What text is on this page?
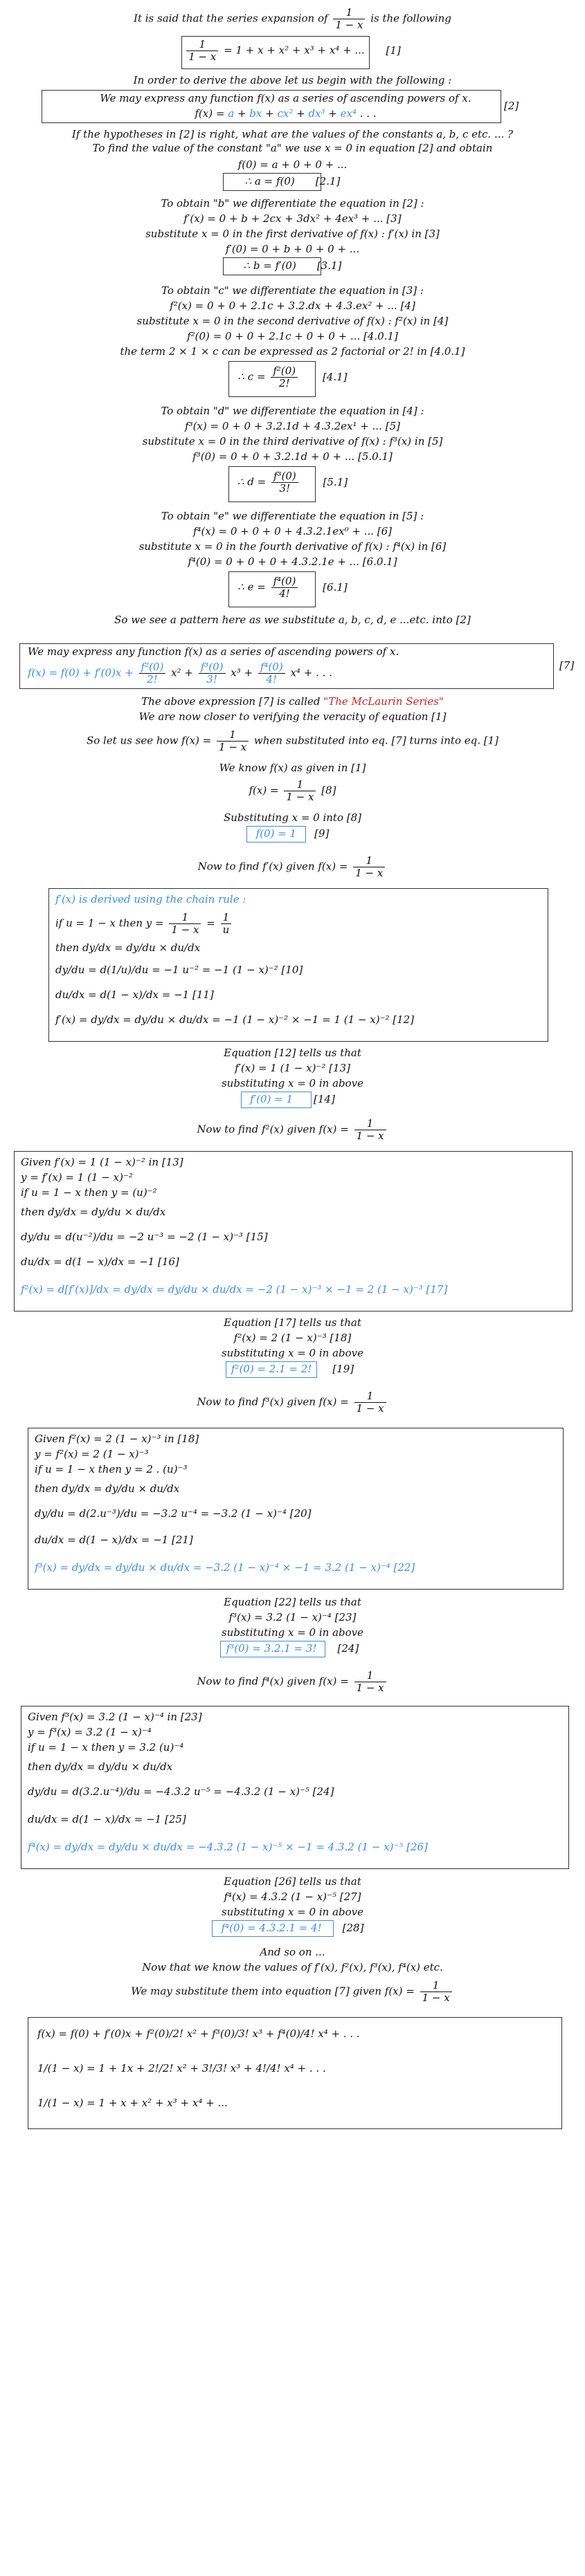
It is said that the series expansion of $\frac{1}{1 - x}$ is the following
$\frac{1}{1 - x} = 1 + x + x^2 + x^3 + x^4$ + ... [1]
In order to derive the above let us begin with the following :
We may express any function f(x) as a series of ascending powers of x.
f(x) = a + bx + cx² + dx³ + ex⁴ . . .
[2]
If the hypotheses in [2] is right, what are the values of the constants a, b, c etc. ... ?
To find the value of the constant "a" we use x = 0 in equation [2] and obtain
f(0) = a + 0 + 0 + ...
∴ a = f(0) [2.1]
To obtain "b" we differentiate the equation in [2] :
f′(x) = 0 + b + 2cx + 3dx² + 4ex³ + ... [3]
substitute x = 0 in the first derivative of f(x) : f′(x) in [3]
f′(0) = 0 + b + 0 + 0 + ...
∴ b = f′(0) [3.1]
To obtain "c" we differentiate the equation in [3] :
f²(x) = 0 + 0 + 2.1c + 3.2.dx + 4.3.ex² + ... [4]
substitute x = 0 in the second derivative of f(x) : f²(x) in [4]
f²(0) = 0 + 0 + 2.1c + 0 + 0 + ... [4.0.1]
the term 2 × 1 × c can be expressed as 2 factorial or 2! in [4.0.1]
∴ $c = \frac{\text{f²(0)}}{2!} [4.1]$
To obtain "d" we differentiate the equation in [4] :
f³(x) = 0 + 0 + 3.2.1d + 4.3.2ex¹ + ... [5]
substitute x = 0 in the third derivative of f(x) : f³(x) in [5]
f³(0) = 0 + 0 + 3.2.1d + 0 + ... [5.0.1]
∴ $d = \frac{\text{f³(0)}}{3!} [5.1]$
To obtain "e" we differentiate the equation in [5] :
f⁴(x) = 0 + 0 + 0 + 4.3.2.1ex⁰ + ... [6]
substitute x = 0 in the fourth derivative of f(x) : f⁴(x) in [6]
f⁴(0) = 0 + 0 + 0 + 4.3.2.1e + ... [6.0.1]
∴ $e = \frac{\text{f⁴(0)}}{4!} [6.1]$
So we see a pattern here as we substitute a, b, c, d, e ...etc. into [2]
We may express any function f(x) as a series of ascending powers of x.
$f(x) = f(0) + f'(0)x + \frac{\text{f²(0)}}{2!} x^2 + \frac{\text{f³(0)}}{3!} x^3 + \frac{\text{f⁴(0)}}{4!} x^4$ + . . .
[7]
The above expression [7] is called "The McLaurin Series"
We are now closer to verifying the veracity of equation [1]
So let us see how $f(x) = \frac{1}{1 - x}$ when substituted into eq. [7] turns into eq. [1]
We know f(x) as given in [1]
$f(x) = \frac{1}{1 - x} [8]$
Substituting x = 0 into [8]
f(0) = 1 [9]
Now to find f′(x) given $f(x) = \frac{1}{1 - x}$
f′(x) is derived using the chain rule :
if u = 1 − x then $y = \frac{1}{1 - x} = \frac{1}{u}$
then dy/dx = dy/du × du/dx
dy/du = d(1/u)/du = −1 u⁻² = −1 (1 − x)⁻² [10]
du/dx = d(1 − x)/dx = −1 [11]
f′(x) = dy/dx = dy/du × du/dx = −1 (1 − x)⁻² × −1 = 1 (1 − x)⁻² [12]
Equation [12] tells us that
f′(x) = 1 (1 − x)⁻² [13]
substituting x = 0 in above
f′(0) = 1 [14]
Now to find f²(x) given $f(x) = \frac{1}{1 - x}$
Given f′(x) = 1 (1 − x)⁻² in [13]
y = f′(x) = 1 (1 − x)⁻²
if u = 1 − x then y = (u)⁻²
then dy/dx = dy/du × du/dx
dy/du = d(u⁻²)/du = −2 u⁻³ = −2 (1 − x)⁻³ [15]
du/dx = d(1 − x)/dx = −1 [16]
f²(x) = d[f′(x)]/dx = dy/dx = dy/du × du/dx = −2 (1 − x)⁻³ × −1 = 2 (1 − x)⁻³ [17]
Equation [17] tells us that
f²(x) = 2 (1 − x)⁻³ [18]
substituting x = 0 in above
f²(0) = 2.1 = 2! [19]
Now to find f³(x) given $f(x) = \frac{1}{1 - x}$
Given f²(x) = 2 (1 − x)⁻³ in [18]
y = f²(x) = 2 (1 − x)⁻³
if u = 1 − x then y = 2 . (u)⁻³
then dy/dx = dy/du × du/dx
dy/du = d(2.u⁻³)/du = −3.2 u⁻⁴ = −3.2 (1 − x)⁻⁴ [20]
du/dx = d(1 − x)/dx = −1 [21]
f³(x) = dy/dx = dy/du × du/dx = −3.2 (1 − x)⁻⁴ × −1 = 3.2 (1 − x)⁻⁴ [22]
Equation [22] tells us that
f³(x) = 3.2 (1 − x)⁻⁴ [23]
substituting x = 0 in above
f³(0) = 3.2.1 = 3! [24]
Now to find f⁴(x) given $f(x) = \frac{1}{1 - x}$
Given f³(x) = 3.2 (1 − x)⁻⁴ in [23]
y = f³(x) = 3.2 (1 − x)⁻⁴
if u = 1 − x then y = 3.2 (u)⁻⁴
then dy/dx = dy/du × du/dx
dy/du = d(3.2.u⁻⁴)/du = −4.3.2 u⁻⁵ = −4.3.2 (1 − x)⁻⁵ [24]
du/dx = d(1 − x)/dx = −1 [25]
f⁴(x) = dy/dx = dy/du × du/dx = −4.3.2 (1 − x)⁻⁵ × −1 = 4.3.2 (1 − x)⁻⁵ [26]
Equation [26] tells us that
f⁴(x) = 4.3.2 (1 − x)⁻⁵ [27]
substituting x = 0 in above
f⁴(0) = 4.3.2.1 = 4! [28]
And so on ...
Now that we know the values of f′(x), f²(x), f³(x), f⁴(x) etc.
We may substitute them into equation [7] given $f(x) = \frac{1}{1 - x}$
f(x) = f(0) + f′(0)x + f²(0)/2! x² + f³(0)/3! x³ + f⁴(0)/4! x⁴ + . . .
1/(1 − x) = 1 + 1x + 2!/2! x² + 3!/3! x³ + 4!/4! x⁴ + . . .
1/(1 − x) = 1 + x + x² + x³ + x⁴ + ...
